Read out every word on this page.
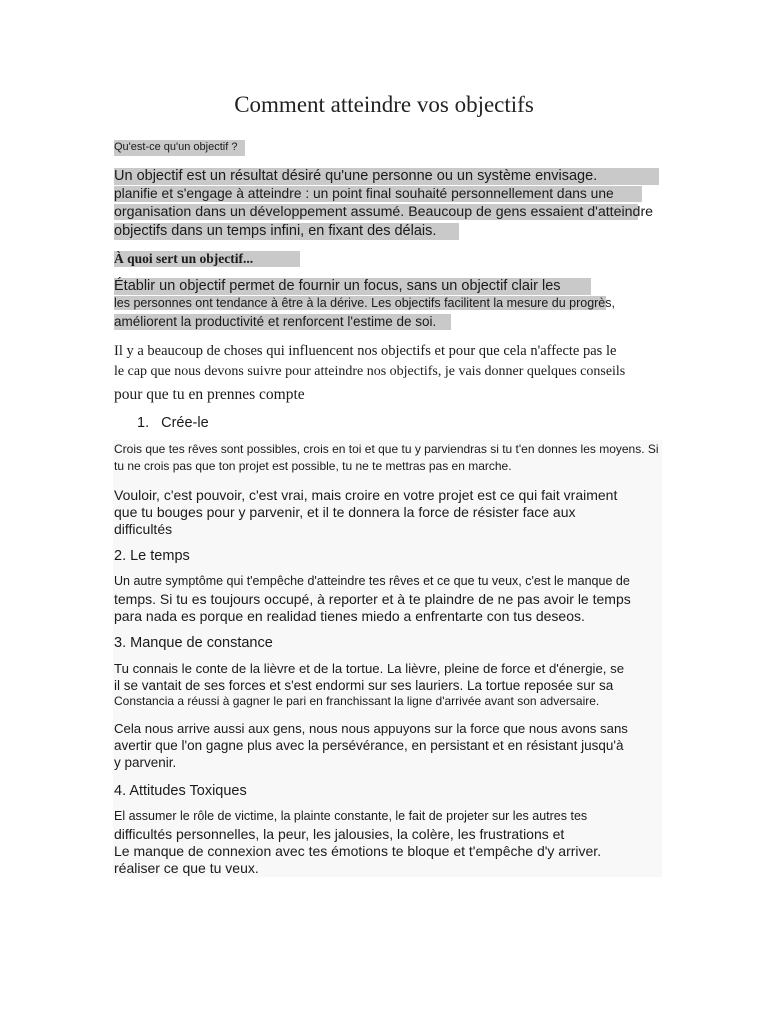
Comment atteindre vos objectifs
Qu'est-ce qu'un objectif ?
Un objectif est un résultat désiré qu'une personne ou un système envisage.
planifie et s'engage à atteindre : un point final souhaité personnellement dans une
organisation dans un développement assumé. Beaucoup de gens essaient d'atteindre
objectifs dans un temps infini, en fixant des délais.
À quoi sert un objectif...
Établir un objectif permet de fournir un focus, sans un objectif clair les
les personnes ont tendance à être à la dérive. Les objectifs facilitent la mesure du progrès,
améliorent la productivité et renforcent l'estime de soi.
Il y a beaucoup de choses qui influencent nos objectifs et pour que cela n'affecte pas le
le cap que nous devons suivre pour atteindre nos objectifs, je vais donner quelques conseils
pour que tu en prennes compte
1. Crée-le
Crois que tes rêves sont possibles, crois en toi et que tu y parviendras si tu t'en donnes les moyens. Si
tu ne crois pas que ton projet est possible, tu ne te mettras pas en marche.
Vouloir, c'est pouvoir, c'est vrai, mais croire en votre projet est ce qui fait vraiment
que tu bouges pour y parvenir, et il te donnera la force de résister face aux
difficultés
2. Le temps
Un autre symptôme qui t'empêche d'atteindre tes rêves et ce que tu veux, c'est le manque de
temps. Si tu es toujours occupé, à reporter et à te plaindre de ne pas avoir le temps
para nada es porque en realidad tienes miedo a enfrentarte con tus deseos.
3. Manque de constance
Tu connais le conte de la lièvre et de la tortue. La lièvre, pleine de force et d'énergie, se
il se vantait de ses forces et s'est endormi sur ses lauriers. La tortue reposée sur sa
Constancia a réussi à gagner le pari en franchissant la ligne d'arrivée avant son adversaire.
Cela nous arrive aussi aux gens, nous nous appuyons sur la force que nous avons sans
avertir que l'on gagne plus avec la persévérance, en persistant et en résistant jusqu'à
y parvenir.
4. Attitudes Toxiques
El assumer le rôle de victime, la plainte constante, le fait de projeter sur les autres tes
difficultés personnelles, la peur, les jalousies, la colère, les frustrations et
Le manque de connexion avec tes émotions te bloque et t'empêche d'y arriver.
réaliser ce que tu veux.
